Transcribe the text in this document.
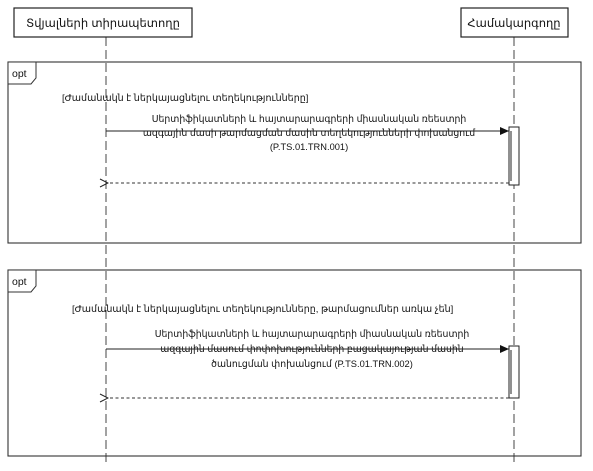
Տվյալների տիրապետողը	Համակարգողը
opt
[Ժամանակն է ներկայացնելու տեղեկությունները]
Սերտիֆիկատների և հայտարարագրերի միասնական ռեեստրի
ազգային մասի թարմացման մասին տեղեկությունների փոխանցում
(P.TS.01.TRN.001)
opt
[Ժամանակն է ներկայացնելու տեղեկությունները, թարմացումներ առկա չեն]
Սերտիֆիկատների և հայտարարագրերի միասնական ռեեստրի
ազգային մասում փոփոխությունների բացակայության մասին
ծանուցման փոխանցում (P.TS.01.TRN.002)
